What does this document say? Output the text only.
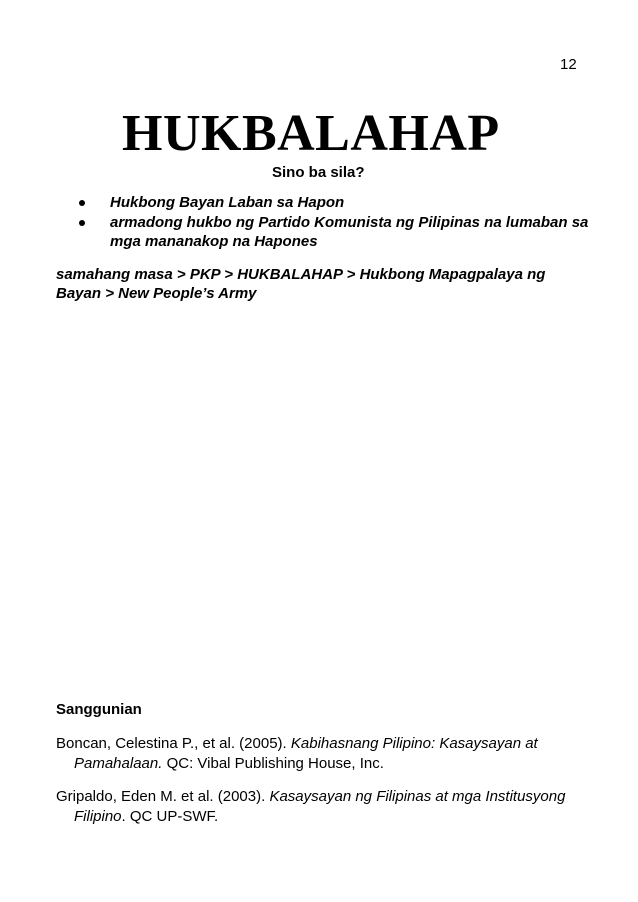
12
HUKBALAHAP

Sino ba sila?

Hukbong Bayan Laban sa Hapon
armadong hukbo ng Partido Komunista ng Pilipinas na lumaban sa mga mananakop na Hapones

samahang masa > PKP > HUKBALAHAP > Hukbong Mapagpalaya ng Bayan > New People’s Army

Sanggunian

Boncan, Celestina P., et al. (2005). Kabihasnang Pilipino: Kasaysayan at Pamahalaan. QC: Vibal Publishing House, Inc.

Gripaldo, Eden M. et al. (2003). Kasaysayan ng Filipinas at mga Institusyong Filipino. QC UP-SWF.
